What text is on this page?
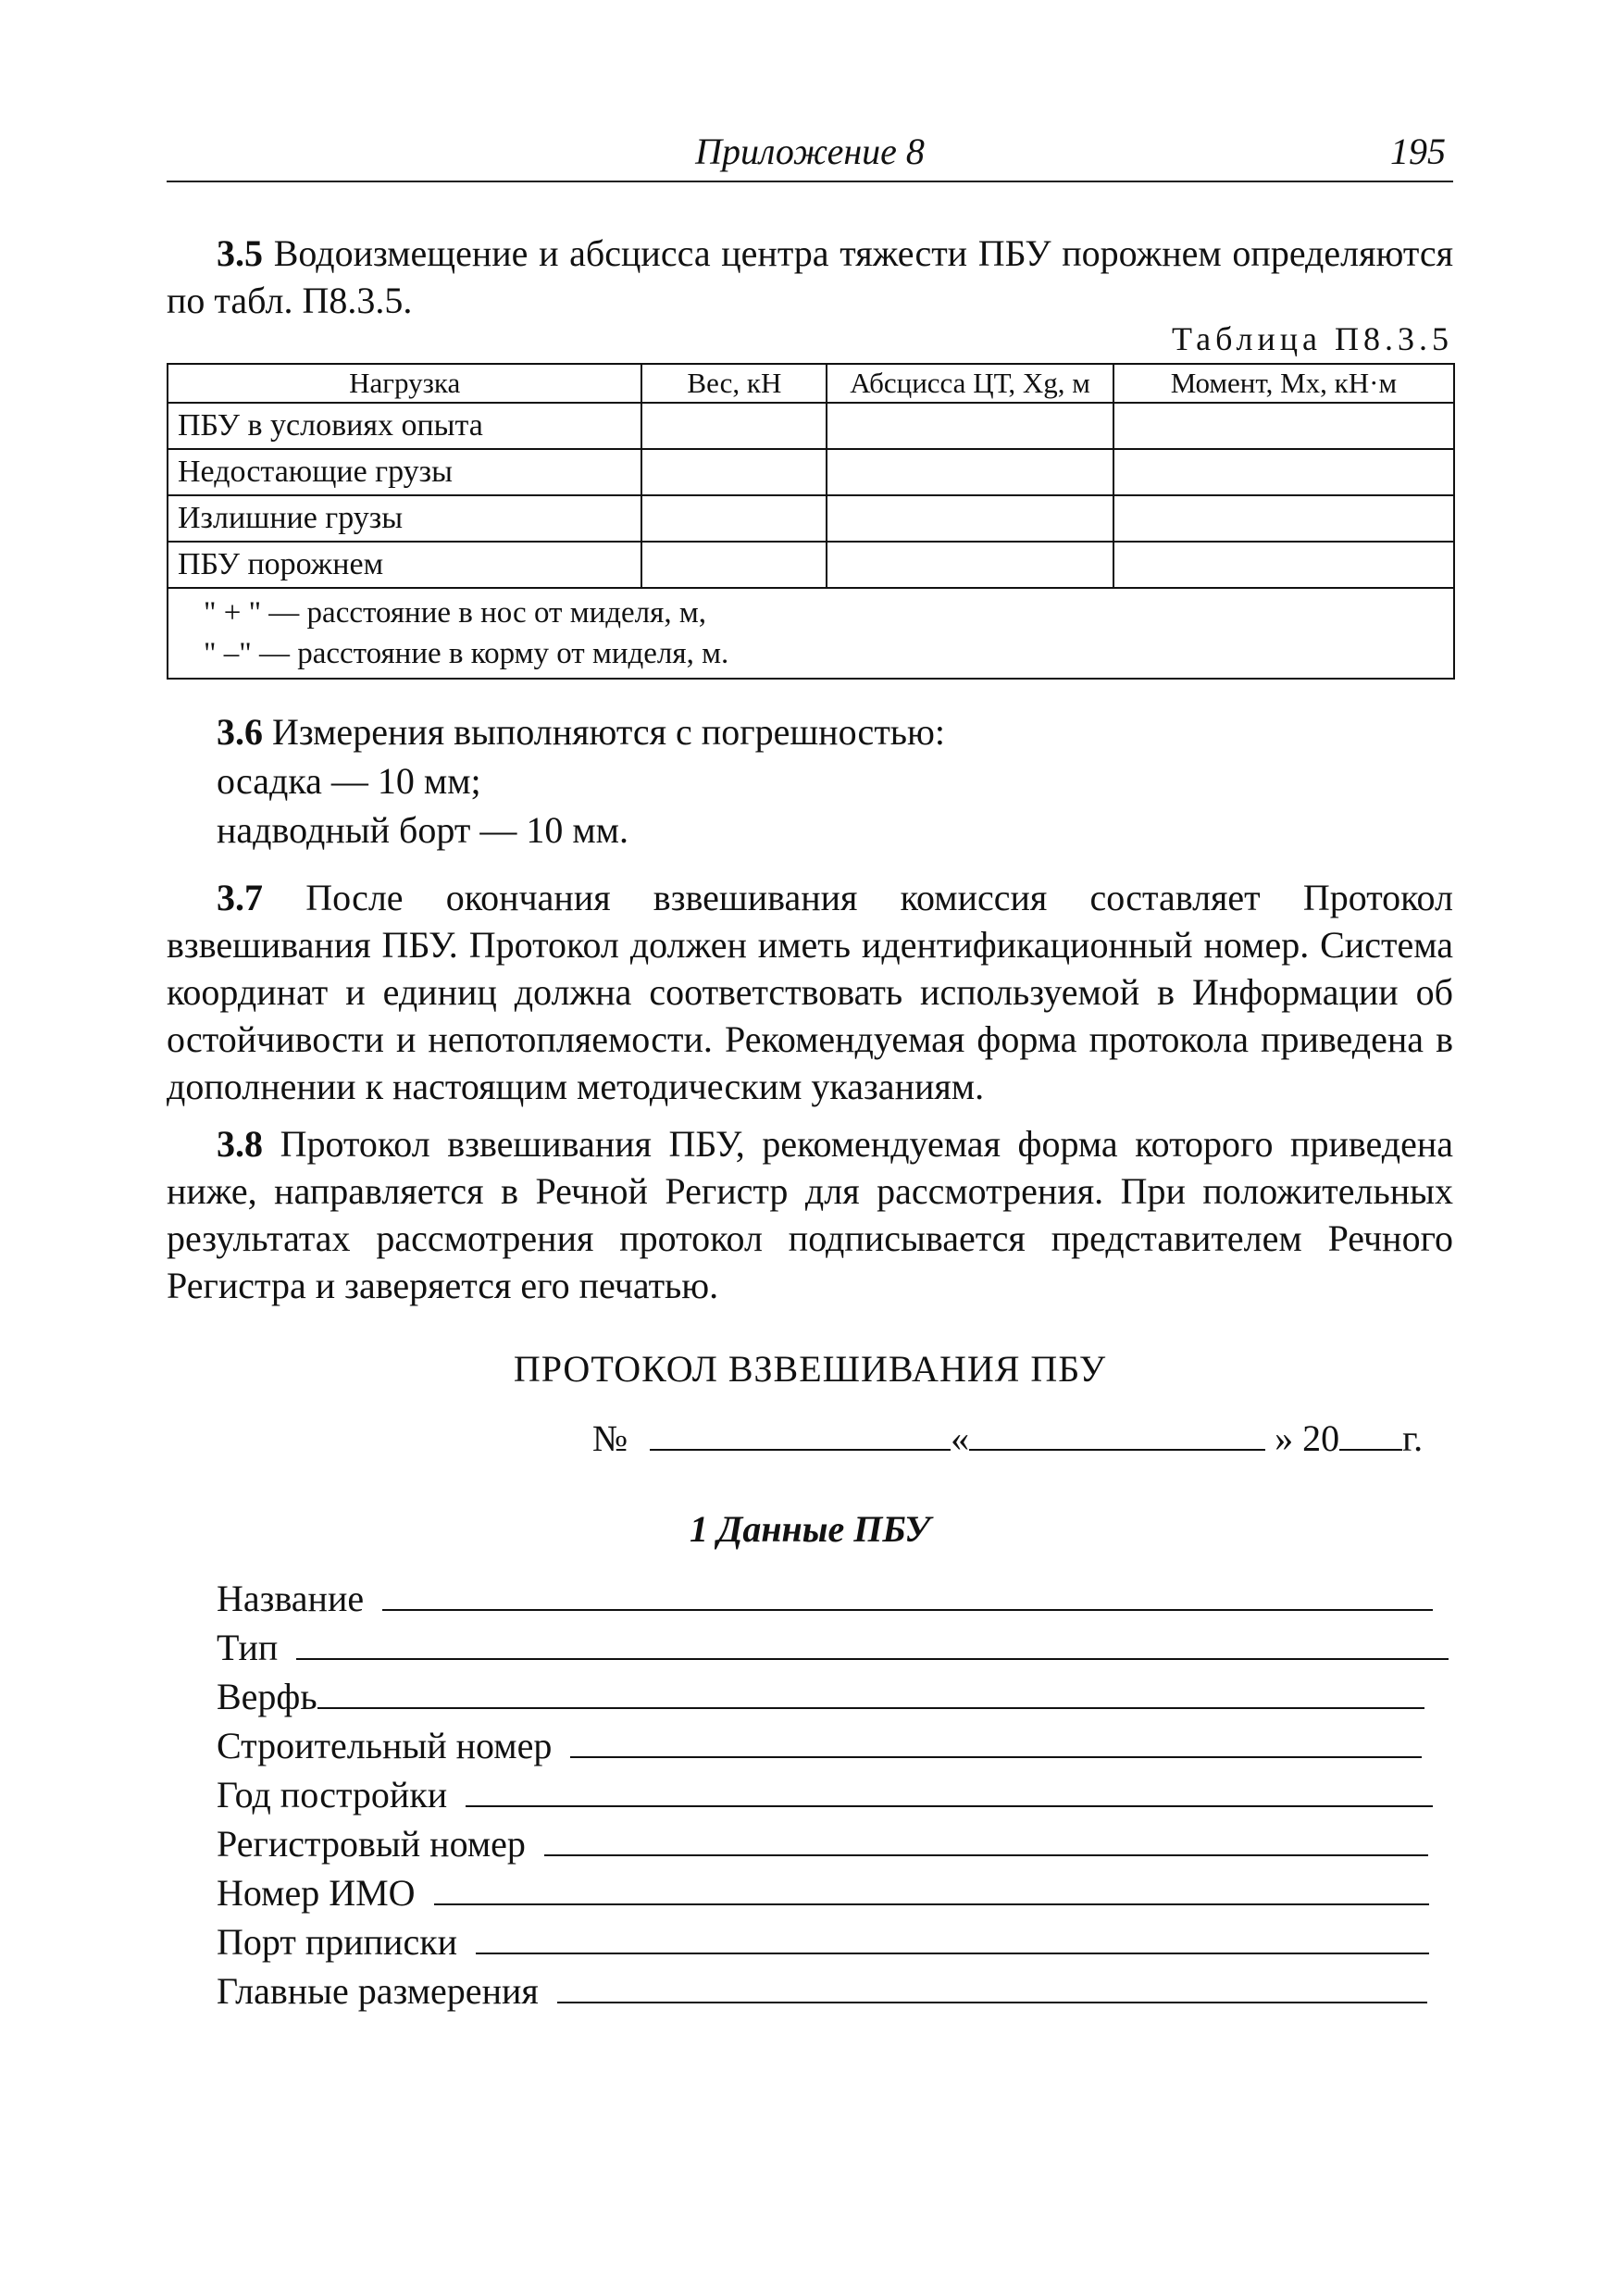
Приложение 8	195
3.5 Водоизмещение и абсцисса центра тяжести ПБУ порожнем определяются по табл. П8.3.5.
Таблица П8.3.5
Нагрузка	Вес, кН	Абсцисса ЦТ, Xg, м	Момент, Mx, кН·м
ПБУ в условиях опыта			
Недостающие грузы			
Излишние грузы			
ПБУ порожнем			

" + " — расстояние в нос от миделя, м,
" –" — расстояние в корму от миделя, м.			
3.6 Измерения выполняются с погрешностью:
осадка — 10 мм;
надводный борт — 10 мм.
3.7 После окончания взвешивания комиссия составляет Протокол взвешивания ПБУ. Протокол должен иметь идентификационный номер. Система координат и единиц должна соответствовать используемой в Информации об остойчивости и непотопляемости. Рекомендуемая форма протокола приведена в дополнении к настоящим методическим указаниям.
3.8 Протокол взвешивания ПБУ, рекомендуемая форма которого приведена ниже, направляется в Речной Регистр для рассмотрения. При положительных результатах рассмотрения протокол подписывается представителем Речного Регистра и заверяется его печатью.
ПРОТОКОЛ ВЗВЕШИВАНИЯ ПБУ
№	«	» 20 г.
1 Данные ПБУ
Название
Тип
Верфь
Строительный номер
Год постройки
Регистровый номер
Номер ИМО
Порт приписки
Главные размерения
